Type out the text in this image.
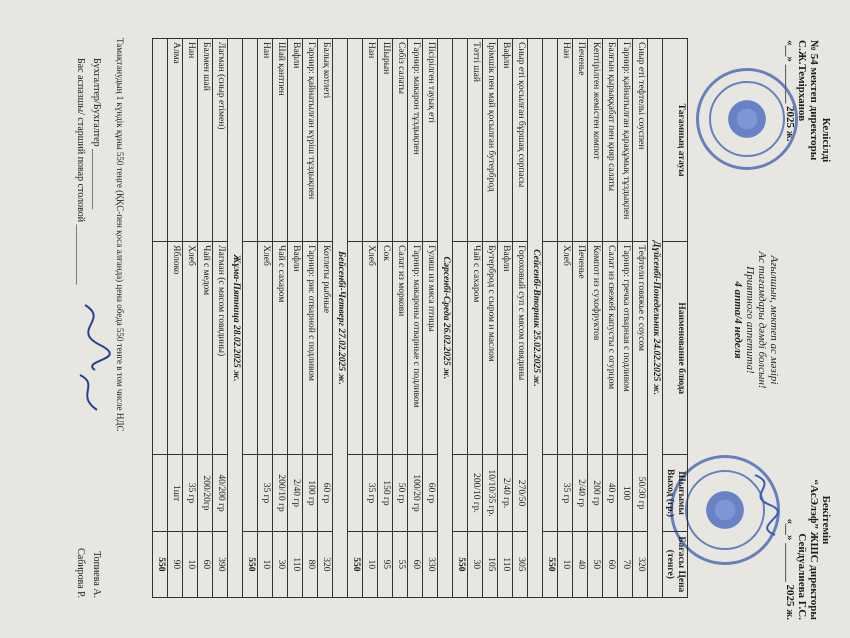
Келісілді
№ 54 мектеп директоры
С.Ж.Темірханов
«__» _______ 2025 ж.
Ағылшын, мектеп ас мәзірі
Ас тағамдары дәмді болсын!
Приятного аппетита!
4 апта/4 неделя
Бекітемін
“АсЭлэф” ЖШС директоры
Сейдуалиева Г.С.
«__» _______ 2025 ж.
Тағамның атауы	Наименование блюда	Шығымы Выход (гр.)	Бағасы Цена (тенге)
Дүйсенбі-Понедельник 24.02.2025 ж.			
Сиыр еті тефтельі соуспен	Тефтели говяжье с соусом	50/30 гр	320
Гарнир: қайнатылған қарақұмық тұздықпен	Гарнир: гречка отварная с подливом	100	70
Балғын қырыққабат пен қияр салаты	Салат из свежей капусты с огурцом	40 гр	60
Кептірілген жемістен компот	Компот из сухофруктов	200 гр	50
Печенье	Печенье	2/40 гр	40
Нан	Хлеб	35 гр	10
			550
Сейсенбі-Вторник 25.02.2025 ж.			
Сиыр еті қосылған бұршақ сорпасы	Гороховый суп с мясом говядины	270/50	305
Вафли	Вафли	2/40 гр.	110
Ірімшік пен май қосылған бутерброд	Бутерброд с сыром и маслом	10/10/35 гр.	105
Тәтті шай	Чай с сахаром	200/10 гр.	30
			550
Сәрсенбі-Среда 26.02.2025 ж.			
Пісірілген тауық еті	Гуляш из мяса птицы	60 гр	330
Гарнир: макарон тұздықпен	Гарнир: макароны отварные с подливом	100/20 гр	60
Сәбіз салаты	Салат из моркови	50 гр	55
Шырын	Сок	150 гр	95
Нан	Хлеб	35 гр	10
			550
Бейсенбі-Четверг 27.02.2025 ж.			
Балық котлеті	Котлеты рыбные	60 гр	320
Гарнир: қайнатылған күріш тұздықпен	Гарнир: рис отварной с подливом	100 гр	80
Вафли	Вафли	2/40 гр	110
Шай қантпен	Чай с сахаром	200/10 гр	30
Нан	Хлеб	35 гр	10
			550
Жұма-Пятница 28.02.2025 ж.			
Лагман (сиыр етімен)	Лагман (с мясом говядины)	40/200 гр	390
Балмен шай	Чай с медом	200/20гр	60
Нан	Хлеб	35 гр	10
Алма	Яблоко	1шт	90
			550
Тамақтанудың 1 күндік құны 550 теңге (ҚҚС-пен қоса алғанда) цена обеда 550 тенге в том числе НДС
Бухгалтер/Бухгалтер ____________
Топиева А.
Бас аспазшы/ старший повар столовой ____________
Сабирова Р.
